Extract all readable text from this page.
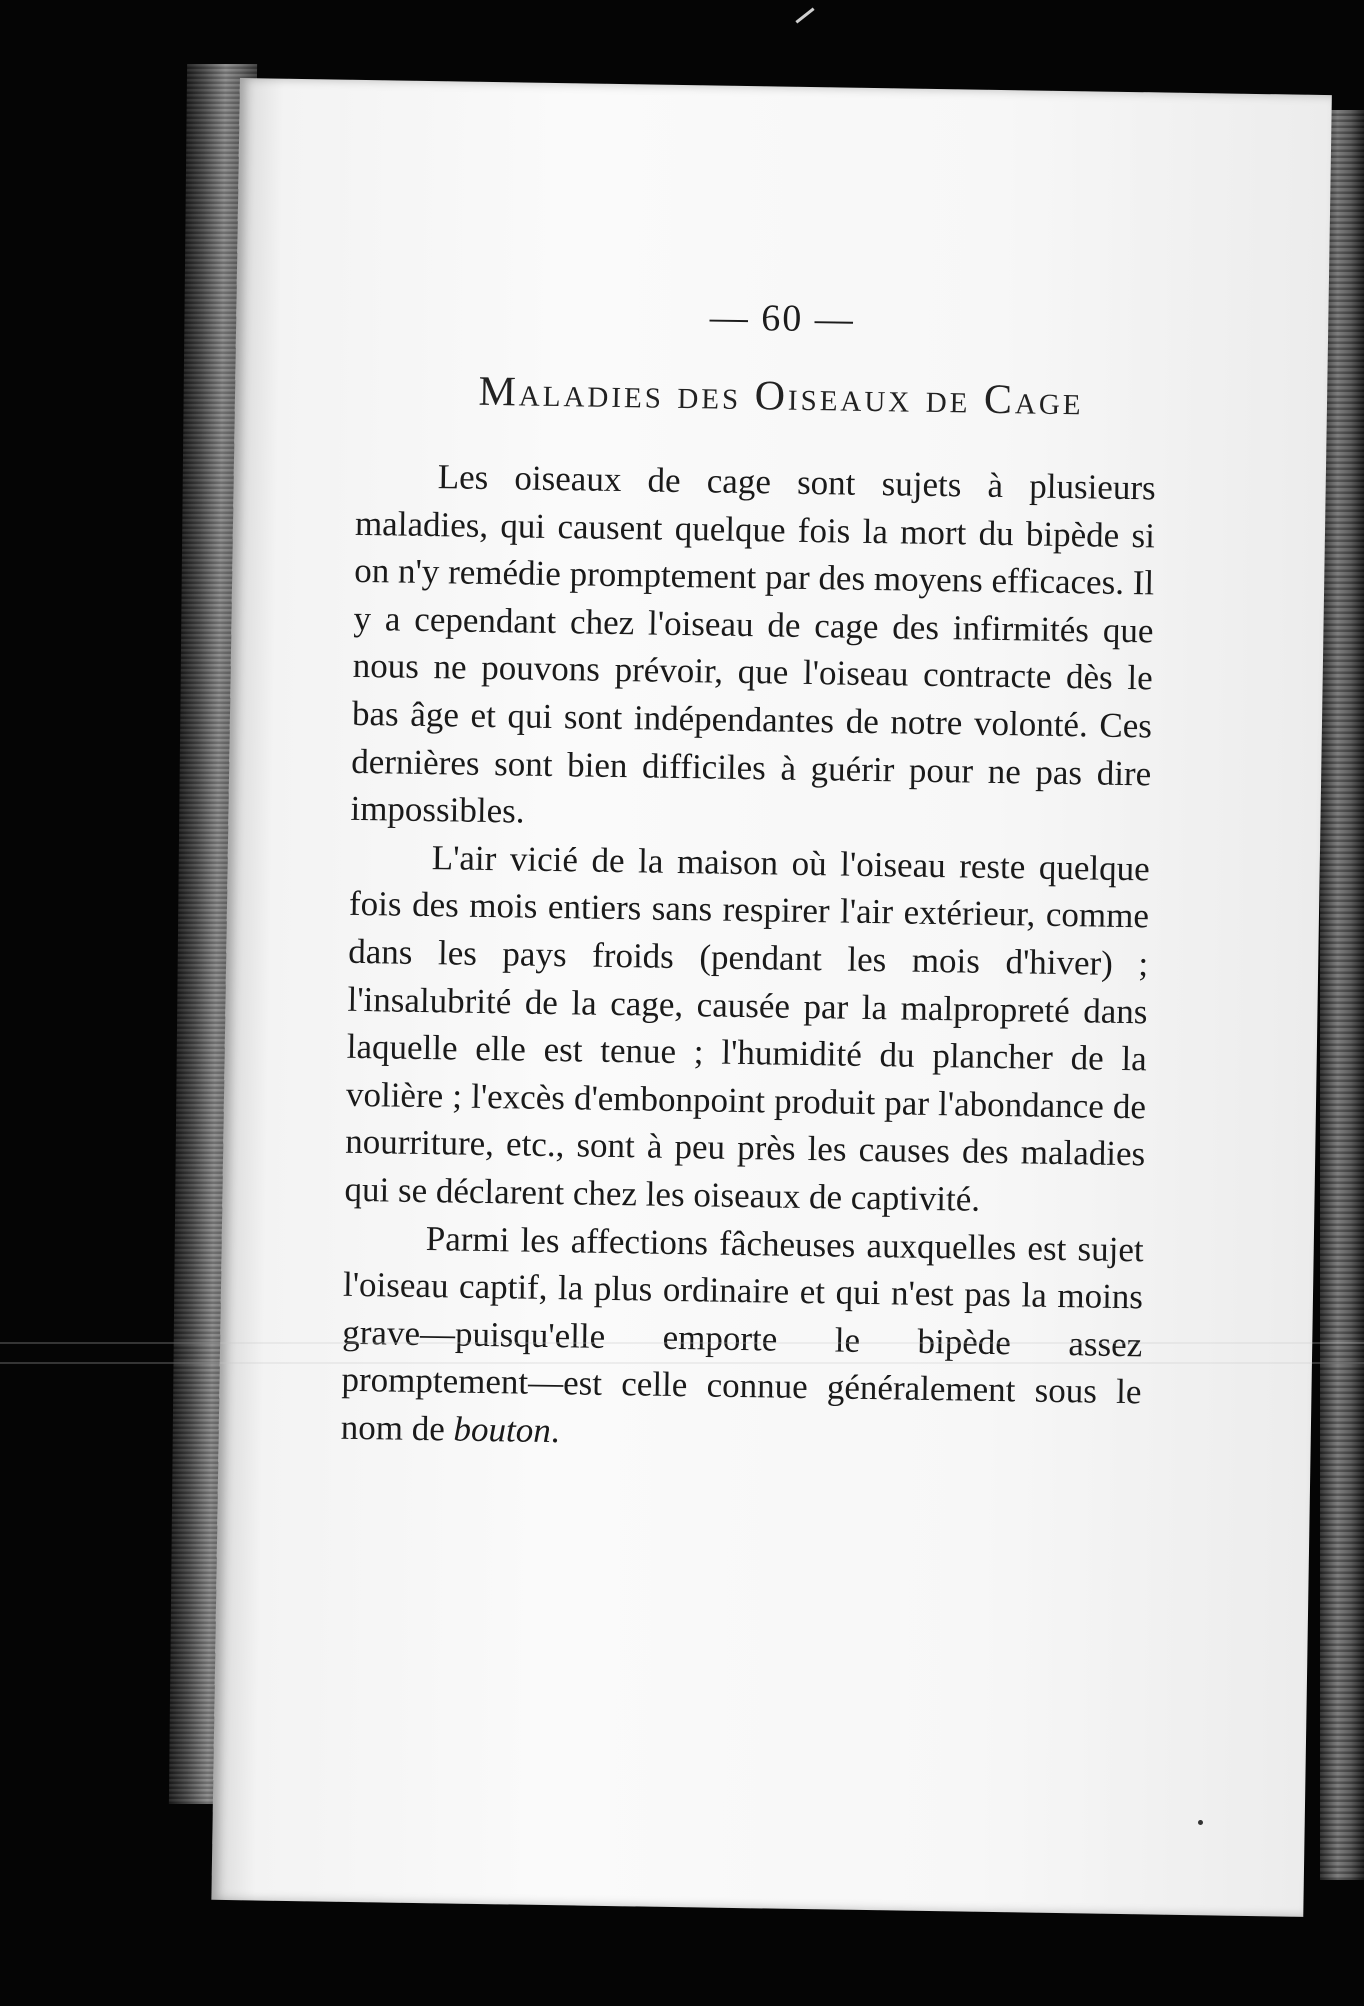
— 60 —
Maladies des Oiseaux de Cage

Les oiseaux de cage sont sujets à plusieurs maladies, qui causent quelque fois la mort du bipède si on n'y remédie promptement par des moyens efficaces. Il y a cependant chez l'oiseau de cage des infirmités que nous ne pouvons prévoir, que l'oiseau contracte dès le bas âge et qui sont indépendantes de notre volonté. Ces dernières sont bien difficiles à guérir pour ne pas dire impossibles.

L'air vicié de la maison où l'oiseau reste quelque fois des mois entiers sans respirer l'air extérieur, comme dans les pays froids (pendant les mois d'hiver) ; l'insalubrité de la cage, causée par la malpropreté dans laquelle elle est tenue ; l'humidité du plancher de la volière ; l'excès d'embonpoint produit par l'abondance de nourriture, etc., sont à peu près les causes des maladies qui se déclarent chez les oiseaux de captivité.

Parmi les affections fâcheuses auxquelles est sujet l'oiseau captif, la plus ordinaire et qui n'est pas la moins grave—puisqu'elle emporte le bipède assez promptement—est celle connue généralement sous le nom de bouton.
